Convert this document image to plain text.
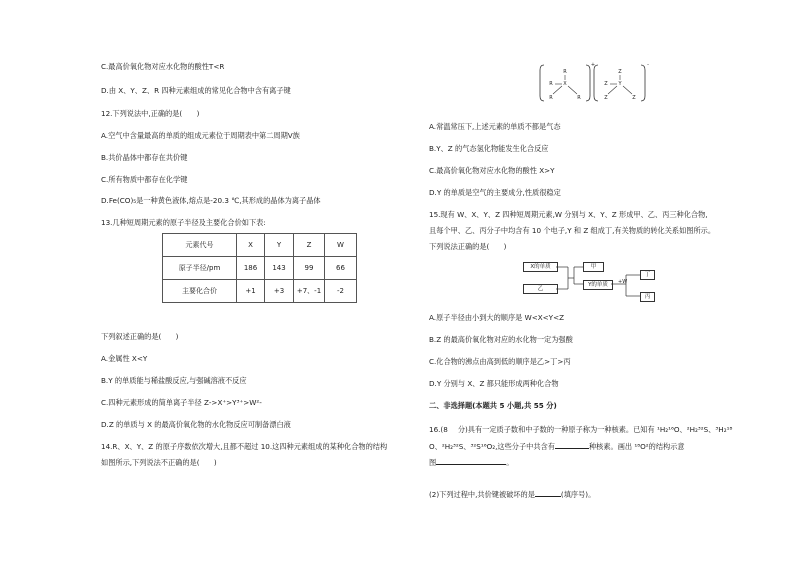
C.最高价氧化物对应水化物的酸性T<R
D.由 X、Y、Z、R 四种元素组成的常见化合物中含有离子键
12.下列说法中,正确的是(　　)
A.空气中含量最高的单质的组成元素位于周期表中第二周期Ⅴ族
B.共价晶体中都存在共价键
C.所有物质中都存在化学键
D.Fe(CO)₅是一种黄色液体,熔点是-20.3 ℃,其形成的晶体为离子晶体
13.几种短周期元素的原子半径及主要化合价如下表:
元素代号	X	Y	Z	W
原子半径/pm	186	143	99	66
主要化合价	+1	+3	+7、-1	-2
下列叙述正确的是(　　)
A.金属性 X<Y
B.Y 的单质能与稀盐酸反应,与强碱溶液不反应
C.四种元素形成的简单离子半径 Z->X⁺>Y³⁺>W²-
D.Z 的单质与 X 的最高价氧化物的水化物反应可制备漂白液
14.R、X、Y、Z 的原子序数依次增大,且都不超过 10.这四种元素组成的某种化合物的结构
如图所示,下列说法不正确的是(　　)
R
X
R
R	R
Z
Y
Z
Z	Z
+	-
A.常温常压下,上述元素的单质不都是气态
B.Y、Z 的气态氢化物能发生化合反应
C.最高价氧化物对应水化物的酸性 X>Y
D.Y 的单质是空气的主要成分,性质很稳定
15.现有 W、X、Y、Z 四种短周期元素,W 分别与 X、Y、Z 形成甲、乙、丙三种化合物,
且每个甲、乙、丙分子中均含有 10 个电子,Y 和 Z 组成丁,有关物质的转化关系如图所示。
下列说法正确的是(　　)
X的单质
乙
甲
Y的单质
丁
丙
+W
A.原子半径由小到大的顺序是 W<X<Y<Z
B.Z 的最高价氧化物对应的水化物一定为强酸
C.化合物的沸点由高到低的顺序是乙>丁>丙
D.Y 分别与 X、Z 都只能形成两种化合物
二、非选择题(本题共 5 小题,共 55 分)
16.(8 分)具有一定质子数和中子数的一种原子称为一种核素。已知有 ¹H₂¹⁶O、²H₂³²S、³H₂¹⁸
O、²H₂³²S、³²S¹⁶O₂,这些分子中共含有	种核素。画出 ¹⁸O²的结构示意
图	。
(2)下列过程中,共价键被破坏的是	(填序号)。
